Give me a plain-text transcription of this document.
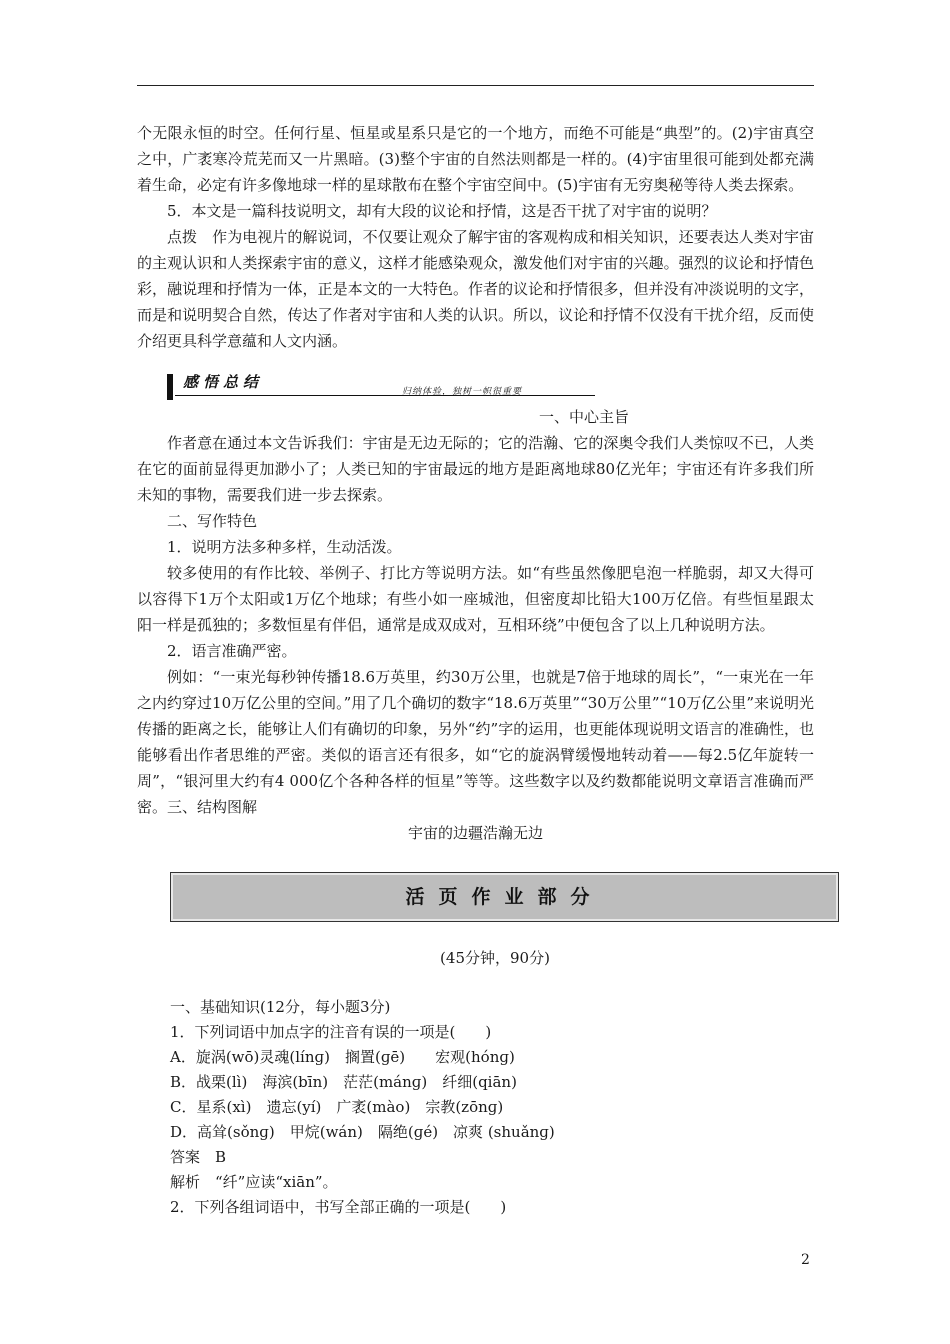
个无限永恒的时空。任何行星、恒星或星系只是它的一个地方，而绝不可能是“典型”的。(2)宇宙真空之中，广袤寒冷荒芜而又一片黑暗。(3)整个宇宙的自然法则都是一样的。(4)宇宙里很可能到处都充满着生命，必定有许多像地球一样的星球散布在整个宇宙空间中。(5)宇宙有无穷奥秘等待人类去探索。

5．本文是一篇科技说明文，却有大段的议论和抒情，这是否干扰了对宇宙的说明？

点拨　作为电视片的解说词，不仅要让观众了解宇宙的客观构成和相关知识，还要表达人类对宇宙的主观认识和人类探索宇宙的意义，这样才能感染观众，激发他们对宇宙的兴趣。强烈的议论和抒情色彩，融说理和抒情为一体，正是本文的一大特色。作者的议论和抒情很多，但并没有冲淡说明的文字，而是和说明契合自然，传达了作者对宇宙和人类的认识。所以，议论和抒情不仅没有干扰介绍，反而使介绍更具科学意蕴和人文内涵。

感悟总结
归纳体验，独树一帜很重要

一、中心主旨

作者意在通过本文告诉我们：宇宙是无边无际的；它的浩瀚、它的深奥令我们人类惊叹不已，人类在它的面前显得更加渺小了；人类已知的宇宙最远的地方是距离地球80亿光年；宇宙还有许多我们所未知的事物，需要我们进一步去探索。

二、写作特色

1．说明方法多种多样，生动活泼。

较多使用的有作比较、举例子、打比方等说明方法。如“有些虽然像肥皂泡一样脆弱，却又大得可以容得下1万个太阳或1万亿个地球；有些小如一座城池，但密度却比铅大100万亿倍。有些恒星跟太阳一样是孤独的；多数恒星有伴侣，通常是成双成对，互相环绕”中便包含了以上几种说明方法。

2．语言准确严密。

例如：“一束光每秒钟传播18.6万英里，约30万公里，也就是7倍于地球的周长”，“一束光在一年之内约穿过10万亿公里的空间。”用了几个确切的数字“18.6万英里”“30万公里”“10万亿公里”来说明光传播的距离之长，能够让人们有确切的印象，另外“约”字的运用，也更能体现说明文语言的准确性，也能够看出作者思维的严密。类似的语言还有很多，如“它的旋涡臂缓慢地转动着——每2.5亿年旋转一周”，“银河里大约有4 000亿个各种各样的恒星”等等。这些数字以及约数都能说明文章语言准确而严密。三、结构图解

宇宙的边疆浩瀚无边

活页作业部分

(45分钟，90分)

一、基础知识(12分，每小题3分)

1．下列词语中加点字的注音有误的一项是(　　)

A．旋涡(wō)灵魂(línɡ)　搁置(ɡē)　　宏观(hónɡ)

B．战栗(lì)　海滨(bīn)　茫茫(mánɡ)　纤细(qiān)

C．星系(xì)　遗忘(yí)　广袤(mào)　宗教(zōnɡ)

D．高耸(sǒnɡ)　甲烷(wán)　隔绝(ɡé)　凉爽 (shuǎnɡ)

答案　B

解析　“纤”应读“xiān”。

2．下列各组词语中，书写全部正确的一项是(　　)

2
